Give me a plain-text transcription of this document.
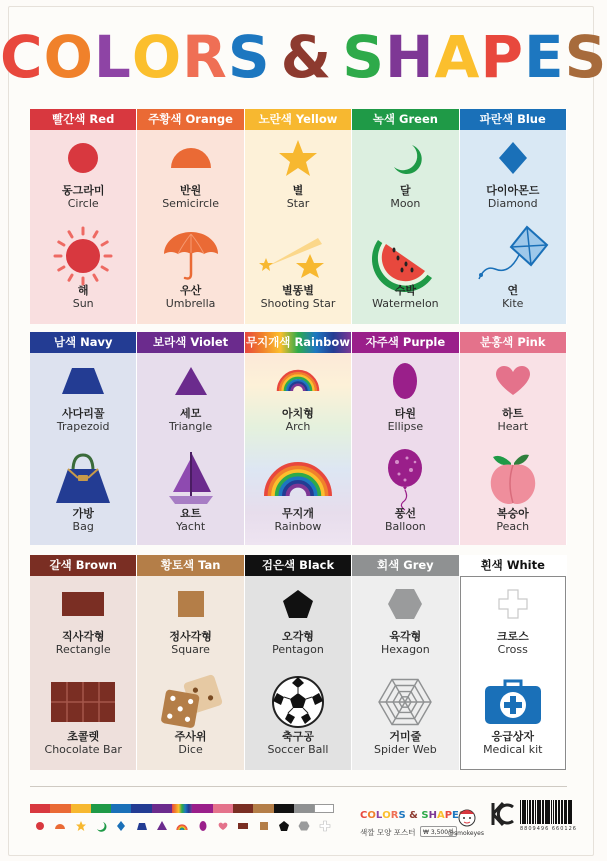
COLORS & SHAPES
빨간색 Red
동그라미
Circle
해
Sun
주황색 Orange
반원
Semicircle
우산
Umbrella
노란색 Yellow
별
Star
별똥별
Shooting Star
녹색 Green
달
Moon
수박
Watermelon
파란색 Blue
다이아몬드
Diamond
연
Kite
남색 Navy
사다리꼴
Trapezoid
가방
Bag
보라색 Violet
세모
Triangle
요트
Yacht
무지개색 Rainbow
아치형
Arch
무지개
Rainbow
자주색 Purple
타원
Ellipse
풍선
Balloon
분홍색 Pink
하트
Heart
복숭아
Peach
갈색 Brown
직사각형
Rectangle
초콜렛
Chocolate Bar
황토색 Tan
정사각형
Square
주사위
Dice
검은색 Black
오각형
Pentagon
축구공
Soccer Ball
회색 Grey
육각형
Hexagon
거미줄
Spider Web
흰색 White
크로스
Cross
응급상자
Medical kit
COLORS & SHAPE
색깔 모양 포스터	₩ 3,500원
@smokeyes
8809496 660126
